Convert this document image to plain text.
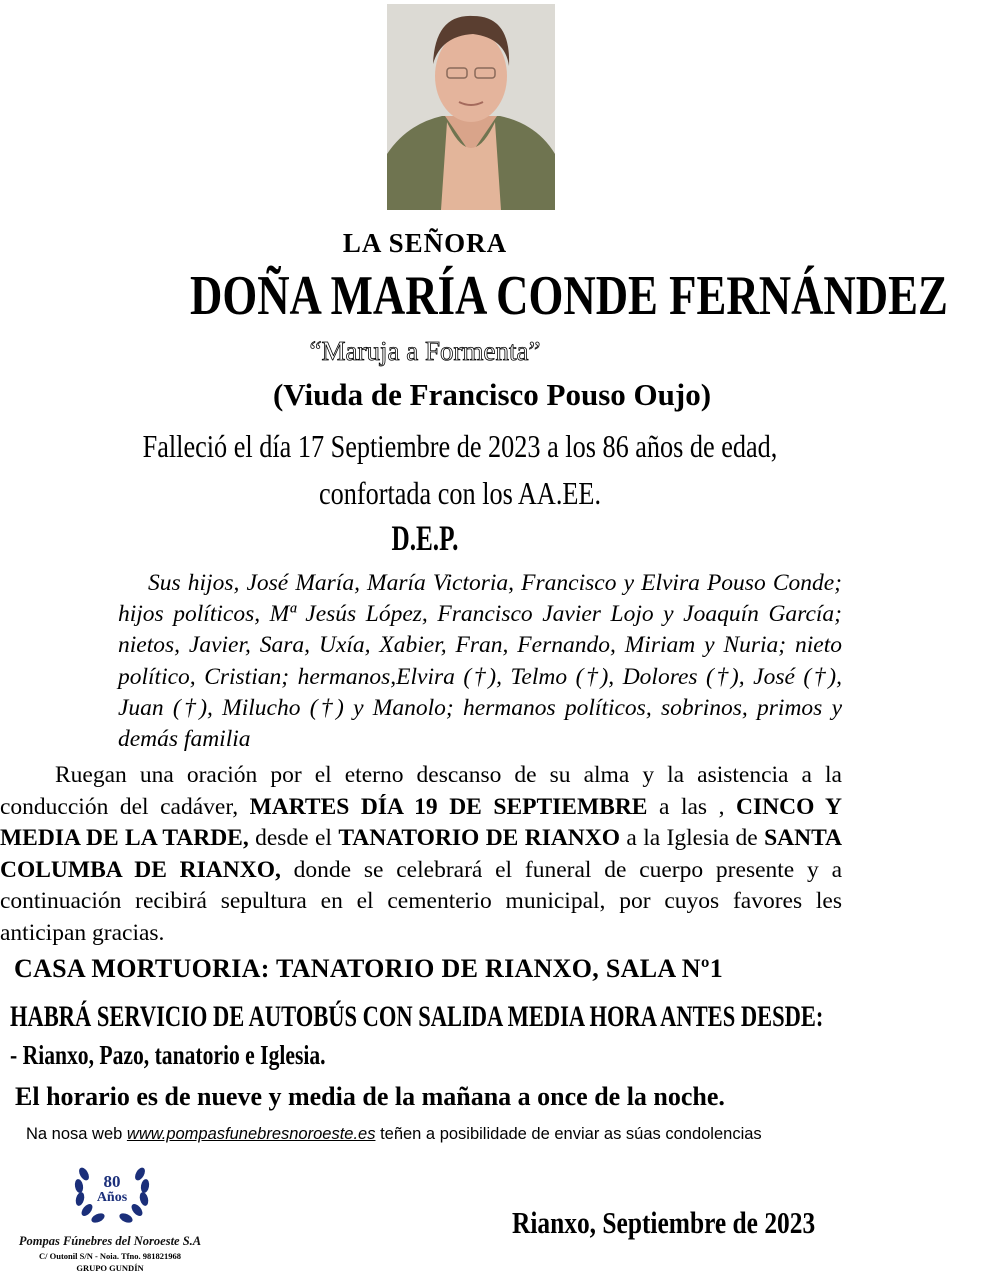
LA SEÑORA
DOÑA MARÍA CONDE FERNÁNDEZ
“Maruja a Formenta”
(Viuda de Francisco Pouso Oujo)
Falleció el día 17 Septiembre de 2023 a los 86 años de edad,
confortada con los AA.EE.
D.E.P.
Sus hijos, José María, María Victoria, Francisco y Elvira Pouso Conde; hijos políticos, Mª Jesús López, Francisco Javier Lojo y Joaquín García; nietos, Javier, Sara, Uxía, Xabier, Fran, Fernando, Miriam y Nuria; nieto político, Cristian; hermanos,Elvira (†), Telmo (†), Dolores (†), José (†), Juan (†), Milucho (†) y Manolo; hermanos políticos, sobrinos, primos y demás familia
Ruegan una oración por el eterno descanso de su alma y la asistencia a la conducción del cadáver, MARTES DÍA 19 DE SEPTIEMBRE a las , CINCO Y MEDIA DE LA TARDE, desde el TANATORIO DE RIANXO a la Iglesia de SANTA COLUMBA DE RIANXO, donde se celebrará el funeral de cuerpo presente y a continuación recibirá sepultura en el cementerio municipal, por cuyos favores les anticipan gracias.
CASA MORTUORIA: TANATORIO DE RIANXO, SALA Nº1
HABRÁ SERVICIO DE AUTOBÚS CON SALIDA MEDIA HORA ANTES DESDE:
- Rianxo, Pazo, tanatorio e Iglesia.
El horario es de nueve y media de la mañana a once de la noche.
Na nosa web www.pompasfunebresnoroeste.es teñen a posibilidade de enviar as súas condolencias
80
Años
Pompas Fúnebres del Noroeste S.A
C/ Outonil S/N - Noia. Tfno. 981821968
GRUPO GUNDÍN
Rianxo, Septiembre de 2023
